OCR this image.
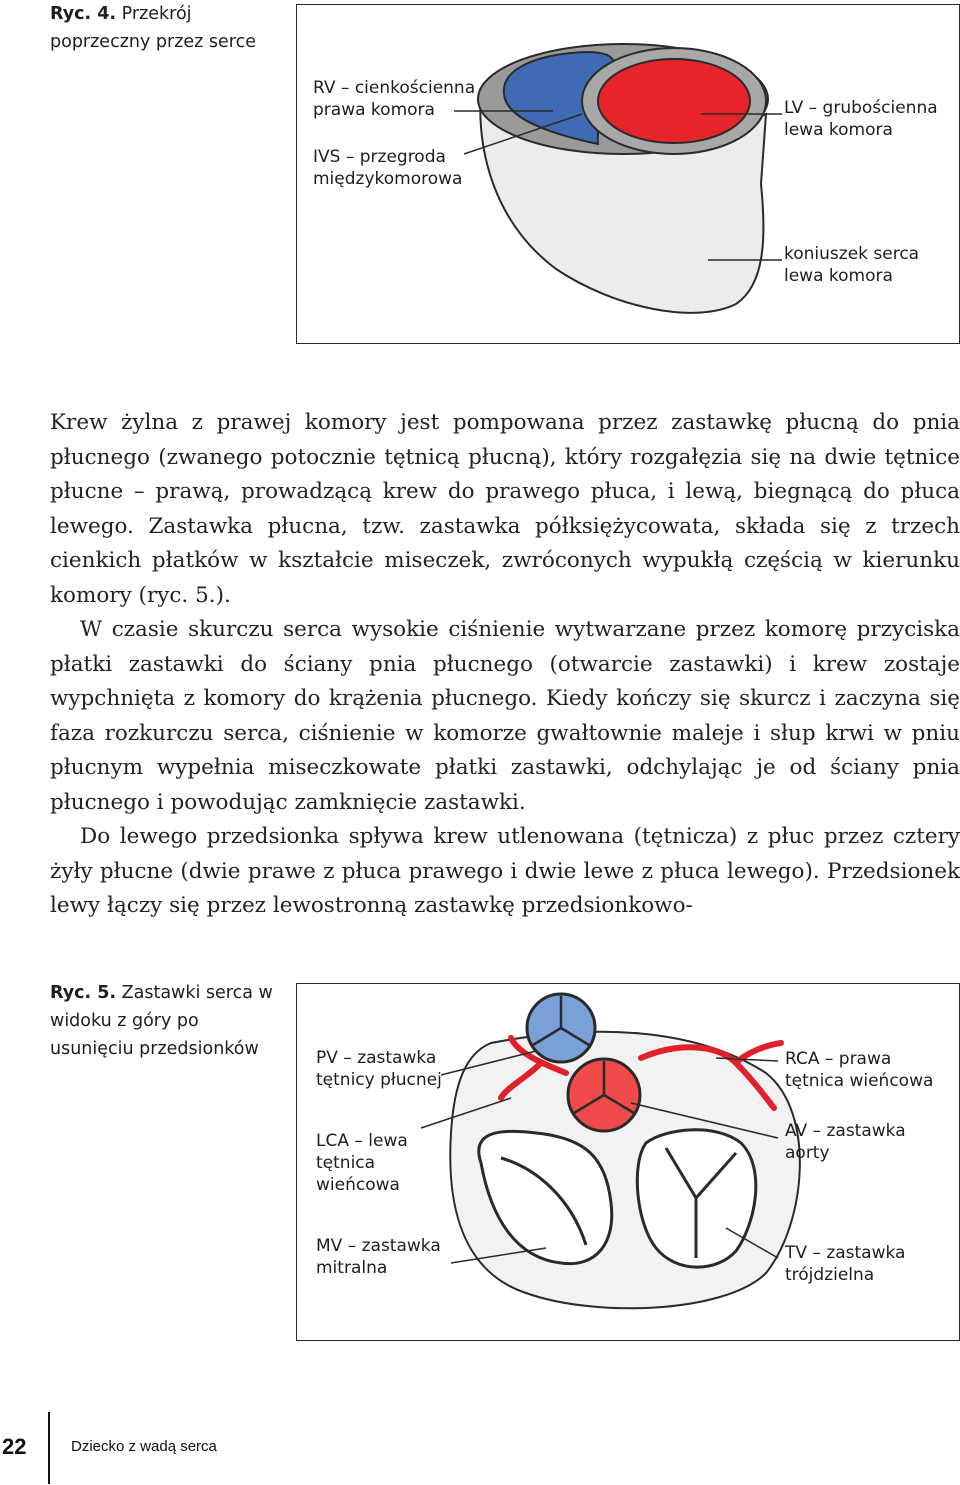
Ryc. 4. Przekrój poprzeczny przez serce
RV – cienkościenna
prawa komora
IVS – przegroda
międzykomorowa
LV – grubościenna
lewa komora
koniuszek serca
lewa komora

Krew żylna z prawej komory jest pompowana przez zastawkę płucną do pnia płucnego (zwanego potocznie tętnicą płucną), który rozgałęzia się na dwie tętnice płucne – prawą, prowadzącą krew do prawego płuca, i lewą, biegnącą do płuca lewego. Zastawka płucna, tzw. zastawka półksiężycowata, składa się z trzech cienkich płatków w kształcie miseczek, zwróconych wypukłą częścią w kierunku komory (ryc. 5.).

W czasie skurczu serca wysokie ciśnienie wytwarzane przez komorę przyciska płatki zastawki do ściany pnia płucnego (otwarcie zastawki) i krew zostaje wypchnięta z komory do krążenia płucnego. Kiedy kończy się skurcz i zaczyna się faza rozkurczu serca, ciśnienie w komorze gwałtownie maleje i słup krwi w pniu płucnym wypełnia miseczkowate płatki zastawki, odchylając je od ściany pnia płucnego i powodując zamknięcie zastawki.

Do lewego przedsionka spływa krew utlenowana (tętnicza) z płuc przez cztery żyły płucne (dwie prawe z płuca prawego i dwie lewe z płuca lewego). Przedsionek lewy łączy się przez lewostronną zastawkę przedsionkowo-

Ryc. 5. Zastawki serca w widoku z góry po usunięciu przedsionków	PV – zastawka
tętnicy płucnej
LCA – lewa
tętnica
wieńcowa
MV – zastawka
mitralna
RCA – prawa
tętnica wieńcowa
AV – zastawka
aorty
TV – zastawka
trójdzielna
22	Dziecko z wadą serca
